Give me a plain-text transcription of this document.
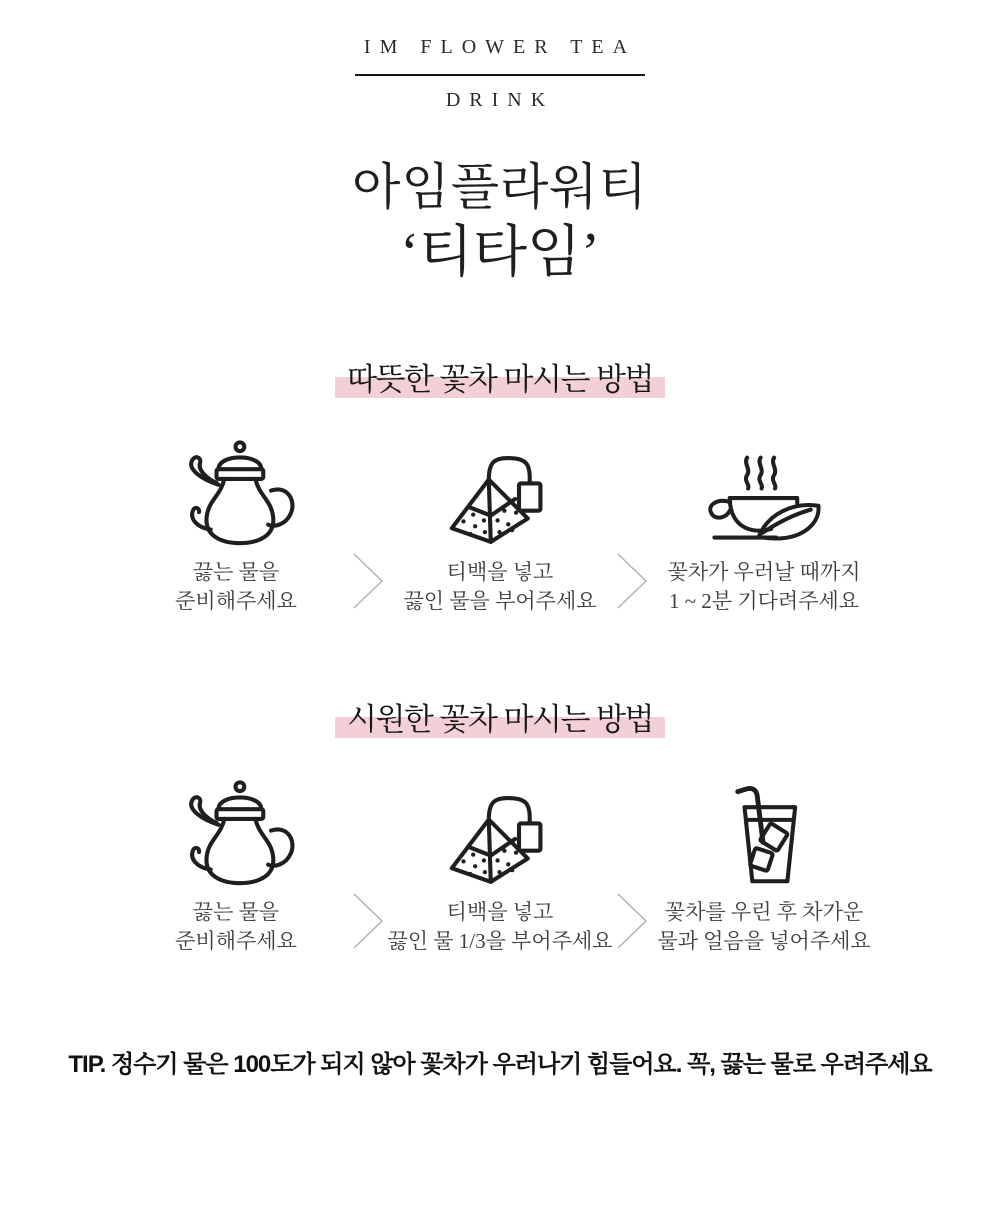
IM FLOWER TEA
DRINK
아임플라워티
‘티타임’
따뜻한 꽃차 마시는 방법
끓는 물을
준비해주세요
티백을 넣고
끓인 물을 부어주세요
꽃차가 우러날 때까지
1 ~ 2분 기다려주세요
시원한 꽃차 마시는 방법
끓는 물을
준비해주세요
티백을 넣고
끓인 물 1/3을 부어주세요
꽃차를 우린 후 차가운
물과 얼음을 넣어주세요
TIP. 정수기 물은 100도가 되지 않아 꽃차가 우러나기 힘들어요. 꼭, 끓는 물로 우려주세요
